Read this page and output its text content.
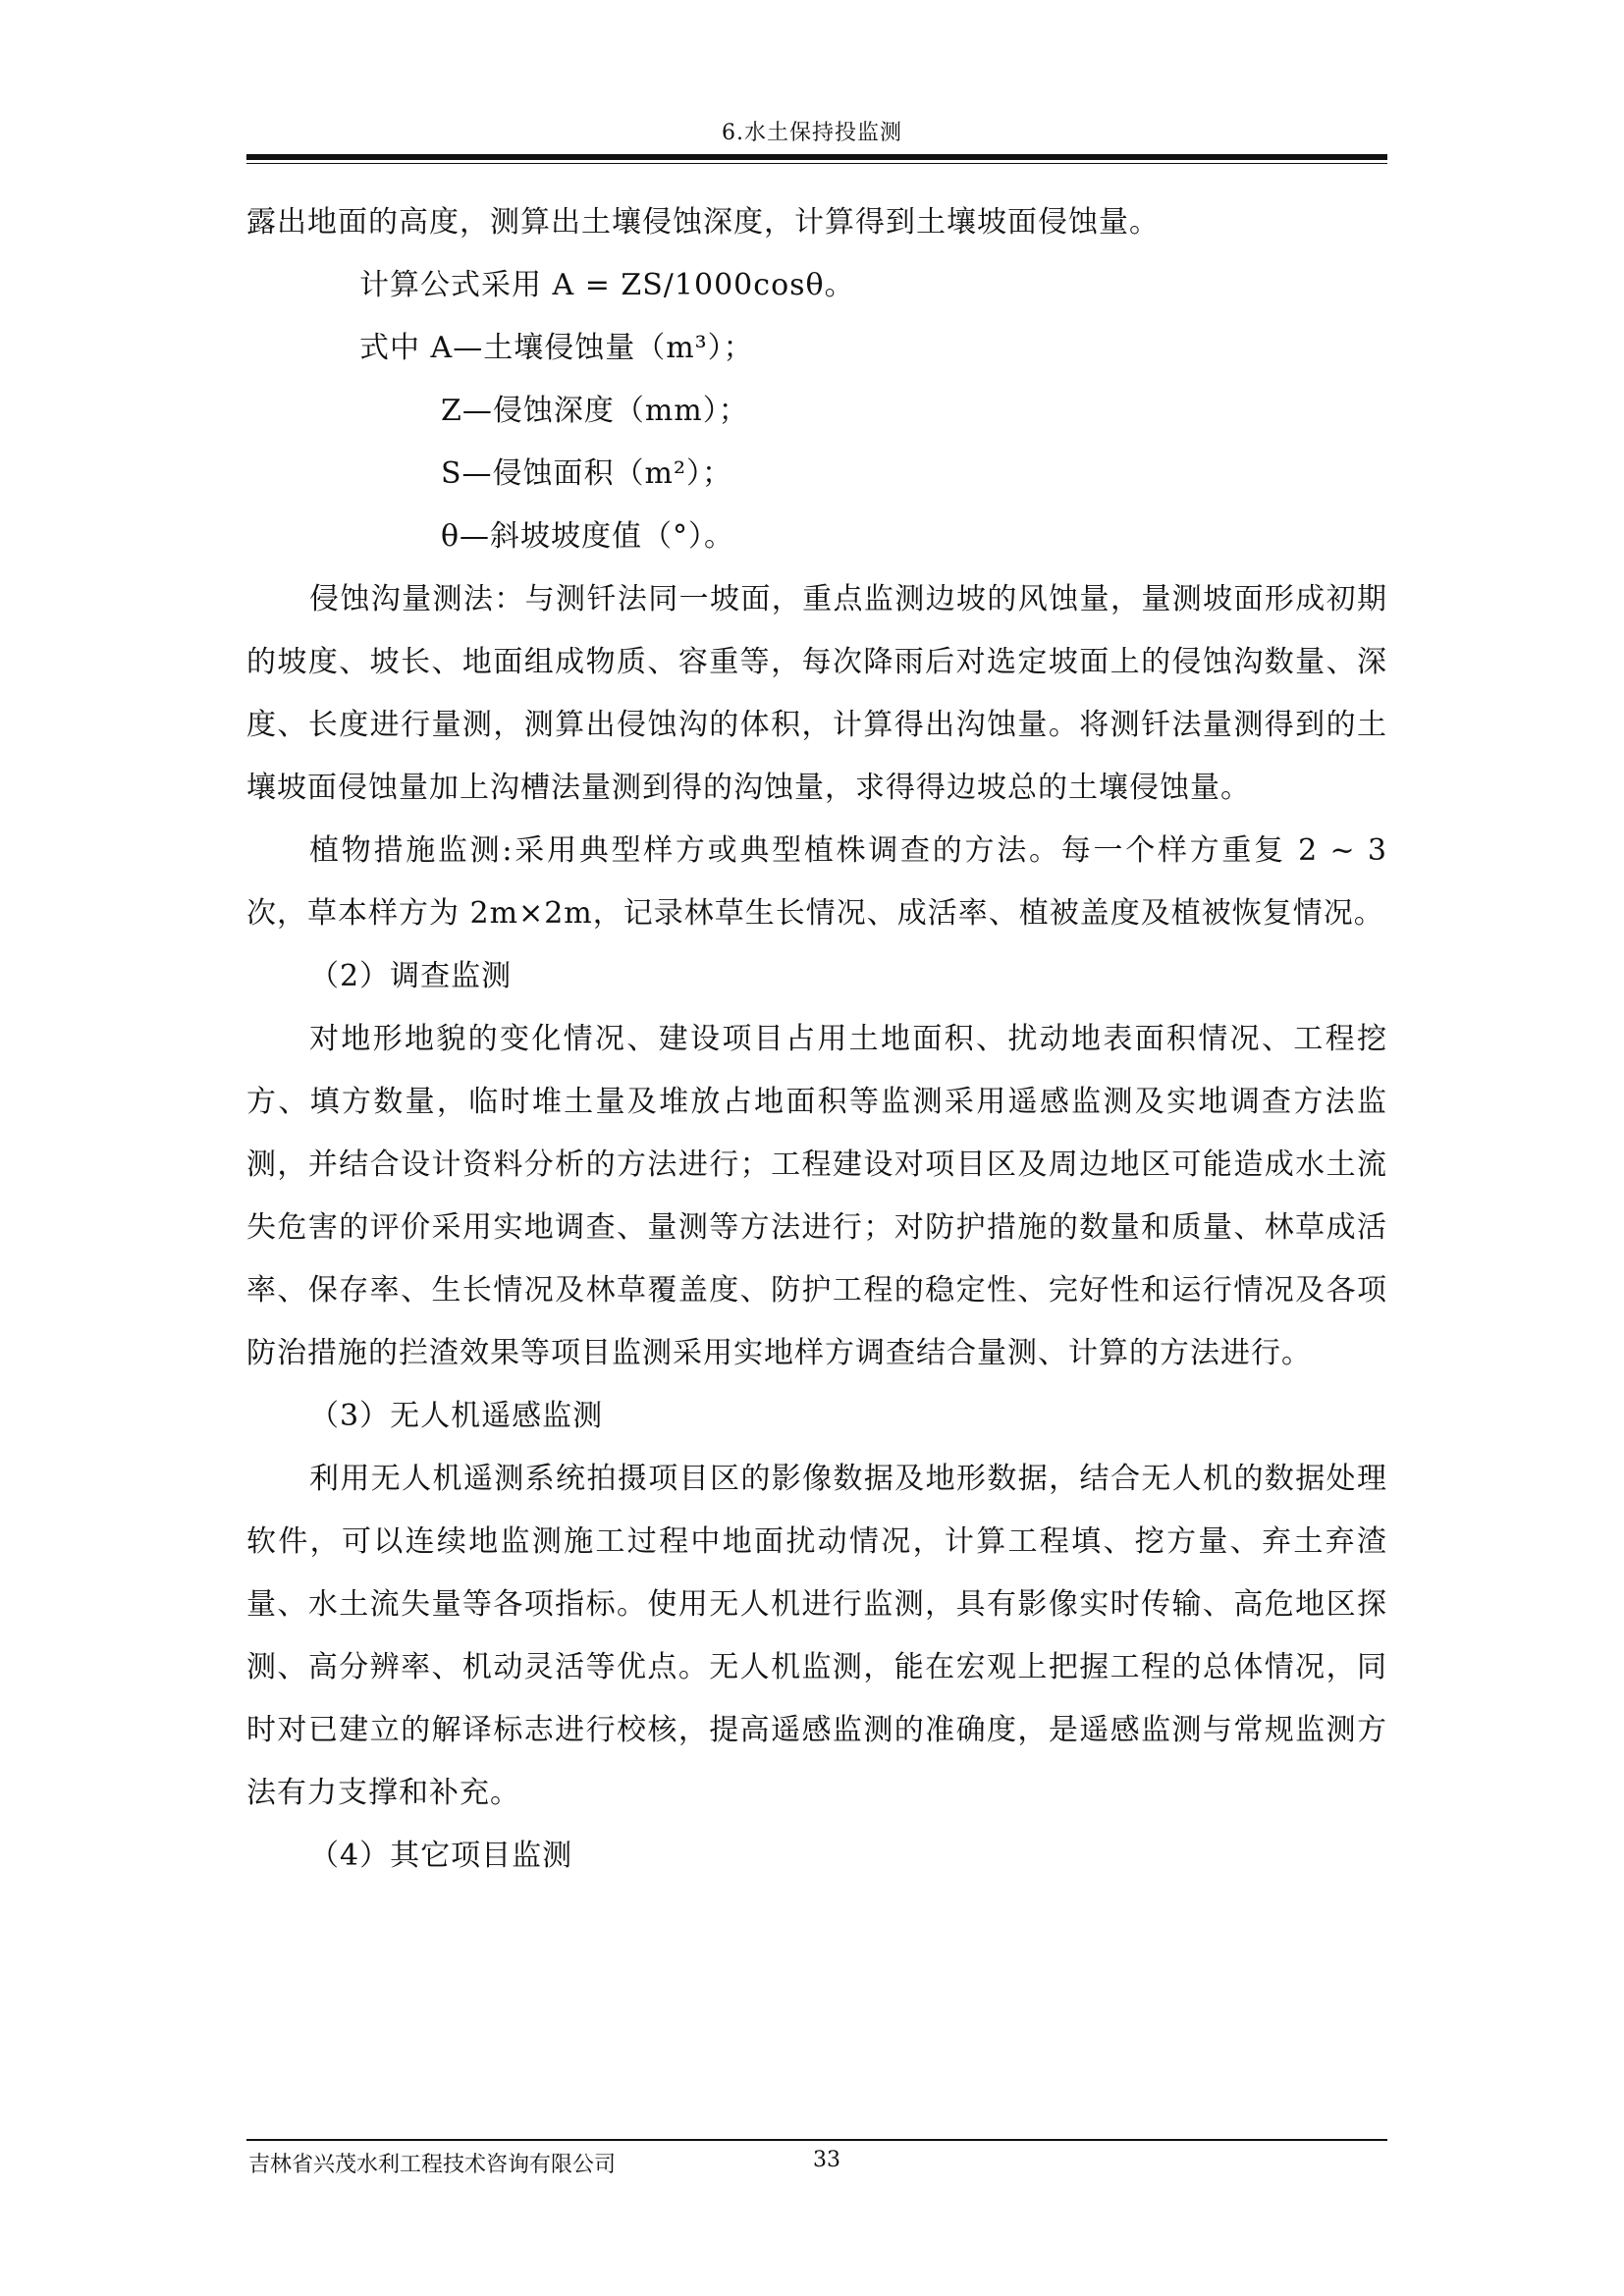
6.水土保持投监测

露出地面的高度，测算出土壤侵蚀深度，计算得到土壤坡面侵蚀量。

计算公式采用 A = ZS/1000cosθ。

式中 A—土壤侵蚀量（m³）；

Z—侵蚀深度（mm）；

S—侵蚀面积（m²）；

θ—斜坡坡度值（°）。

侵蚀沟量测法：与测钎法同一坡面，重点监测边坡的风蚀量，量测坡面形成初期的坡度、坡长、地面组成物质、容重等，每次降雨后对选定坡面上的侵蚀沟数量、深度、长度进行量测，测算出侵蚀沟的体积，计算得出沟蚀量。将测钎法量测得到的土壤坡面侵蚀量加上沟槽法量测到得的沟蚀量，求得得边坡总的土壤侵蚀量。

植物措施监测:采用典型样方或典型植株调查的方法。每一个样方重复 2 ~ 3 次，草本样方为 2m×2m，记录林草生长情况、成活率、植被盖度及植被恢复情况。

（2）调查监测

对地形地貌的变化情况、建设项目占用土地面积、扰动地表面积情况、工程挖方、填方数量，临时堆土量及堆放占地面积等监测采用遥感监测及实地调查方法监测，并结合设计资料分析的方法进行；工程建设对项目区及周边地区可能造成水土流失危害的评价采用实地调查、量测等方法进行；对防护措施的数量和质量、林草成活率、保存率、生长情况及林草覆盖度、防护工程的稳定性、完好性和运行情况及各项防治措施的拦渣效果等项目监测采用实地样方调查结合量测、计算的方法进行。

（3）无人机遥感监测

利用无人机遥测系统拍摄项目区的影像数据及地形数据，结合无人机的数据处理软件，可以连续地监测施工过程中地面扰动情况，计算工程填、挖方量、弃土弃渣量、水土流失量等各项指标。使用无人机进行监测，具有影像实时传输、高危地区探测、高分辨率、机动灵活等优点。无人机监测，能在宏观上把握工程的总体情况，同时对已建立的解译标志进行校核，提高遥感监测的准确度，是遥感监测与常规监测方法有力支撑和补充。

（4）其它项目监测

吉林省兴茂水利工程技术咨询有限公司	33
